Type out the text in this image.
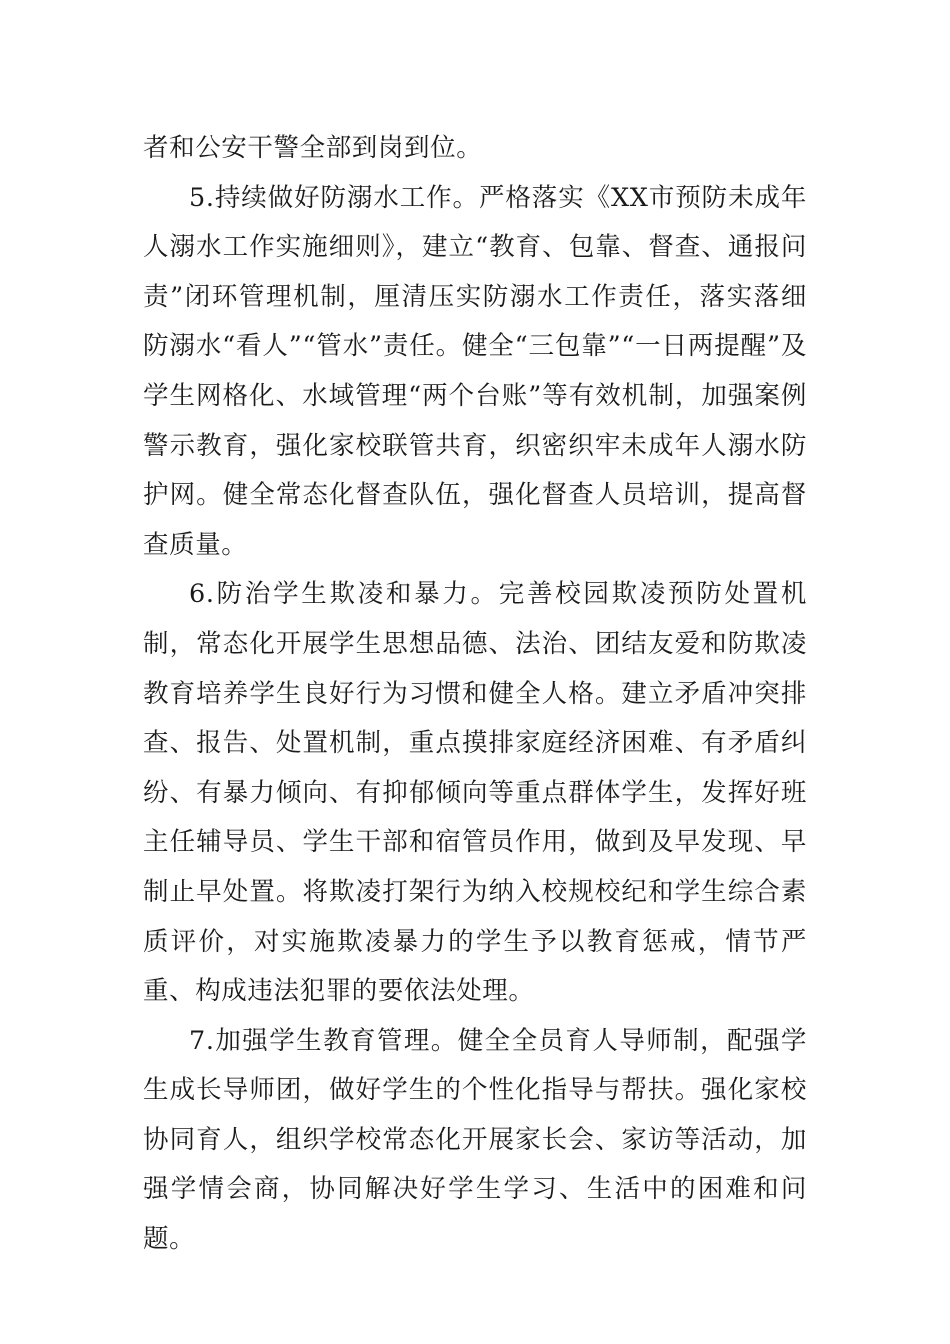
者和公安干警全部到岗到位。

5.持续做好防溺水工作。严格落实《XX市预防未成年人溺水工作实施细则》，建立“教育、包靠、督查、通报问责”闭环管理机制，厘清压实防溺水工作责任，落实落细防溺水“看人”“管水”责任。健全“三包靠”“一日两提醒”及学生网格化、水域管理“两个台账”等有效机制，加强案例警示教育，强化家校联管共育，织密织牢未成年人溺水防护网。健全常态化督查队伍，强化督查人员培训，提高督查质量。

6.防治学生欺凌和暴力。完善校园欺凌预防处置机制，常态化开展学生思想品德、法治、团结友爱和防欺凌教育培养学生良好行为习惯和健全人格。建立矛盾冲突排查、报告、处置机制，重点摸排家庭经济困难、有矛盾纠纷、有暴力倾向、有抑郁倾向等重点群体学生，发挥好班主任辅导员、学生干部和宿管员作用，做到及早发现、早制止早处置。将欺凌打架行为纳入校规校纪和学生综合素质评价，对实施欺凌暴力的学生予以教育惩戒，情节严重、构成违法犯罪的要依法处理。

7.加强学生教育管理。健全全员育人导师制，配强学生成长导师团，做好学生的个性化指导与帮扶。强化家校协同育人，组织学校常态化开展家长会、家访等活动，加强学情会商，协同解决好学生学习、生活中的困难和问题。
